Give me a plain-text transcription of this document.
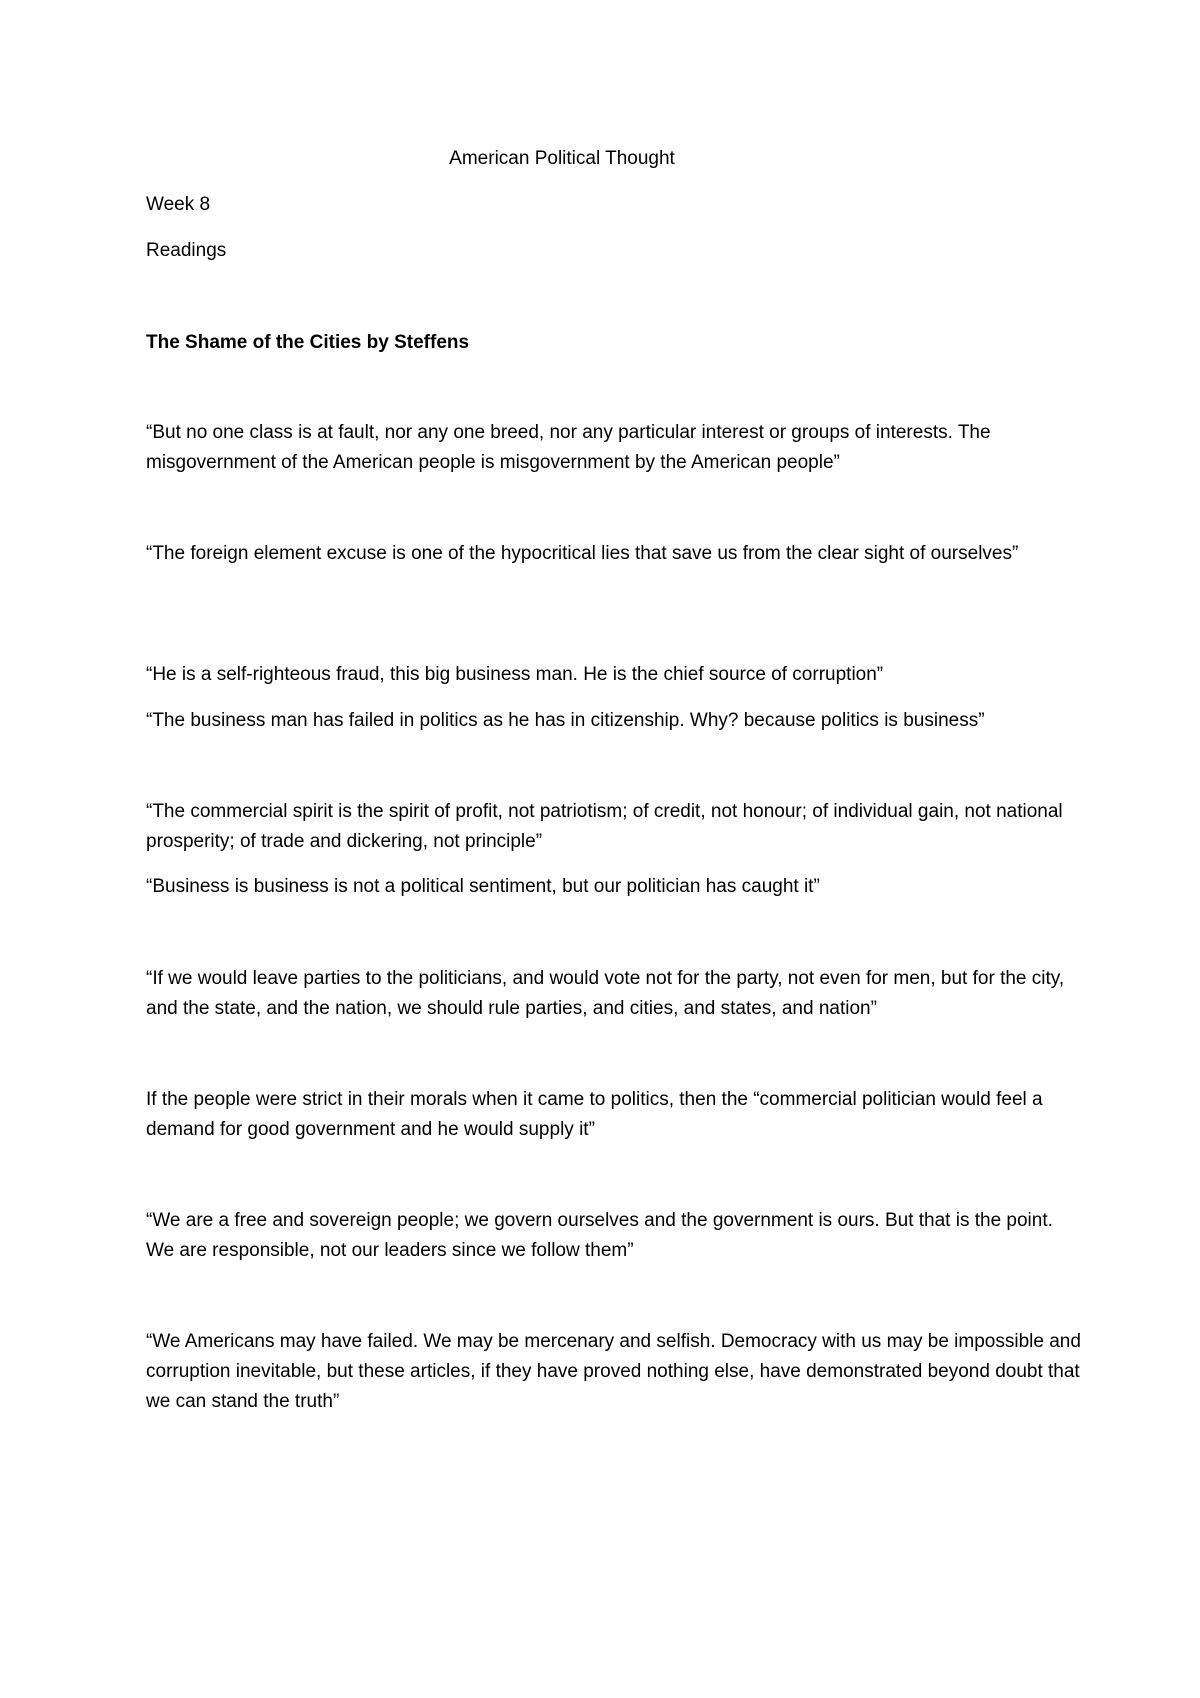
American Political Thought

Week 8

Readings

The Shame of the Cities by Steffens

“But no one class is at fault, nor any one breed, nor any particular interest or groups of interests. The misgovernment of the American people is misgovernment by the American people”

“The foreign element excuse is one of the hypocritical lies that save us from the clear sight of ourselves”

“He is a self-righteous fraud, this big business man. He is the chief source of corruption”

“The business man has failed in politics as he has in citizenship. Why? because politics is business”

“The commercial spirit is the spirit of profit, not patriotism; of credit, not honour; of individual gain, not national prosperity; of trade and dickering, not principle”

“Business is business is not a political sentiment, but our politician has caught it”

“If we would leave parties to the politicians, and would vote not for the party, not even for men, but for the city, and the state, and the nation, we should rule parties, and cities, and states, and nation”

If the people were strict in their morals when it came to politics, then the “commercial politician would feel a demand for good government and he would supply it”

“We are a free and sovereign people; we govern ourselves and the government is ours. But that is the point. We are responsible, not our leaders since we follow them”

“We Americans may have failed. We may be mercenary and selfish. Democracy with us may be impossible and corruption inevitable, but these articles, if they have proved nothing else, have demonstrated beyond doubt that we can stand the truth”
